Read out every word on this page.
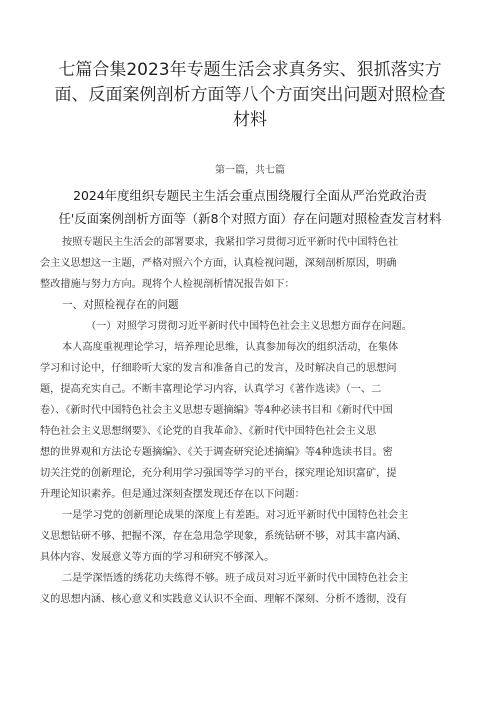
七篇合集2023年专题生活会求真务实、狠抓落实方
面、反面案例剖析方面等八个方面突出问题对照检查
材料
第一篇，共七篇
2024年度组织专题民主生活会重点围绕履行全面从严治党政治责
任'反面案例剖析方面等（新8个对照方面）存在问题对照检查发言材料
按照专题民主生活会的部署要求，我紧扣学习贯彻习近平新时代中国特色社
会主义思想这一主题，严格对照六个方面，认真检视问题，深刻剖析原因，明确
整改措施与努力方向。现将个人检视剖析情况报告如下：
一、对照检视存在的问题
（一）对照学习贯彻习近平新时代中国特色社会主义思想方面存在问题。
本人高度重视理论学习，培养理论思维，认真参加每次的组织活动，在集体
学习和讨论中，仔细聆听大家的发言和准备自己的发言，及时解决自己的思想问
题，提高充实自己。不断丰富理论学习内容，认真学习《著作选读》（一、二
卷）、《新时代中国特色社会主义思想专题摘编》等4种必读书目和《新时代中国
特色社会主义思想纲要》、《论党的自我革命》、《新时代中国特色社会主义思
想的世界观和方法论专题摘编》、《关于调查研究论述摘编》等4种选读书目。密
切关注党的创新理论，充分利用学习强国等学习的平台，探究理论知识富矿，提
升理论知识素养。但是通过深刻查摆发现还存在以下问题：
一是学习党的创新理论成果的深度上有差距。对习近平新时代中国特色社会主
义思想钻研不够、把握不深，存在急用急学现象，系统钻研不够，对其丰富内涵、
具体内容、发展意义等方面的学习和研究不够深入。
二是学深悟透的绣花功夫练得不够。班子成员对习近平新时代中国特色社会主
义的思想内涵、核心意义和实践意义认识不全面、理解不深刻、分析不透彻，没有
